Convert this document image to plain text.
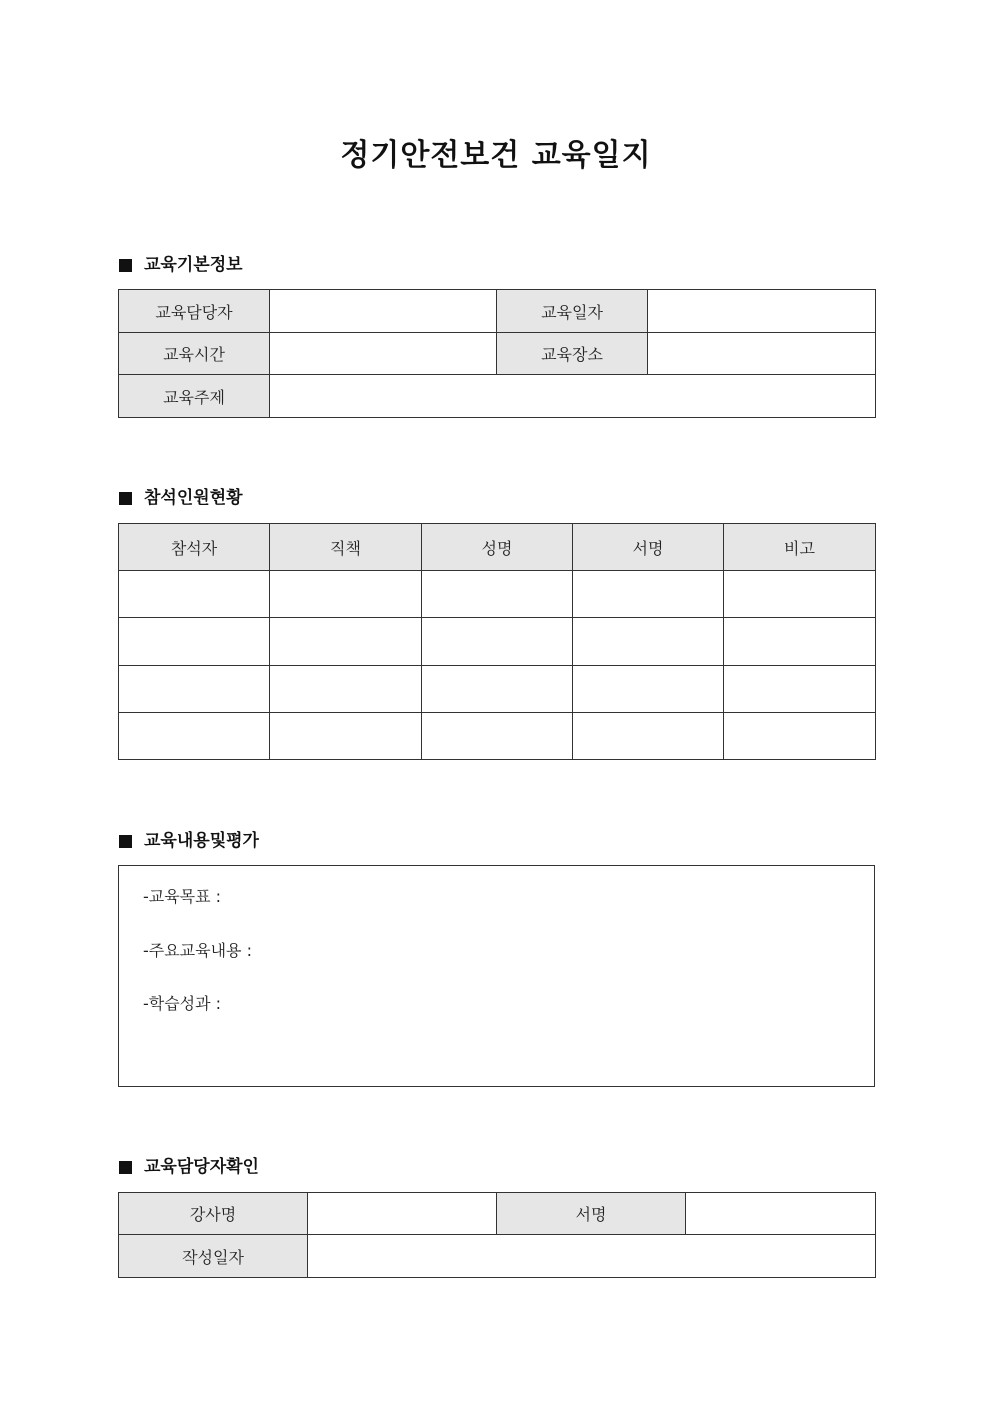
정기안전보건 교육일지
교육기본정보
교육담당자		교육일자	
교육시간		교육장소	
교육주제			
참석인원현황
참석자	직책	성명	서명	비고

교육내용및평가
-교육목표 :
-주요교육내용 :
-학습성과 :
교육담당자확인
강사명		서명	
작성일자			
